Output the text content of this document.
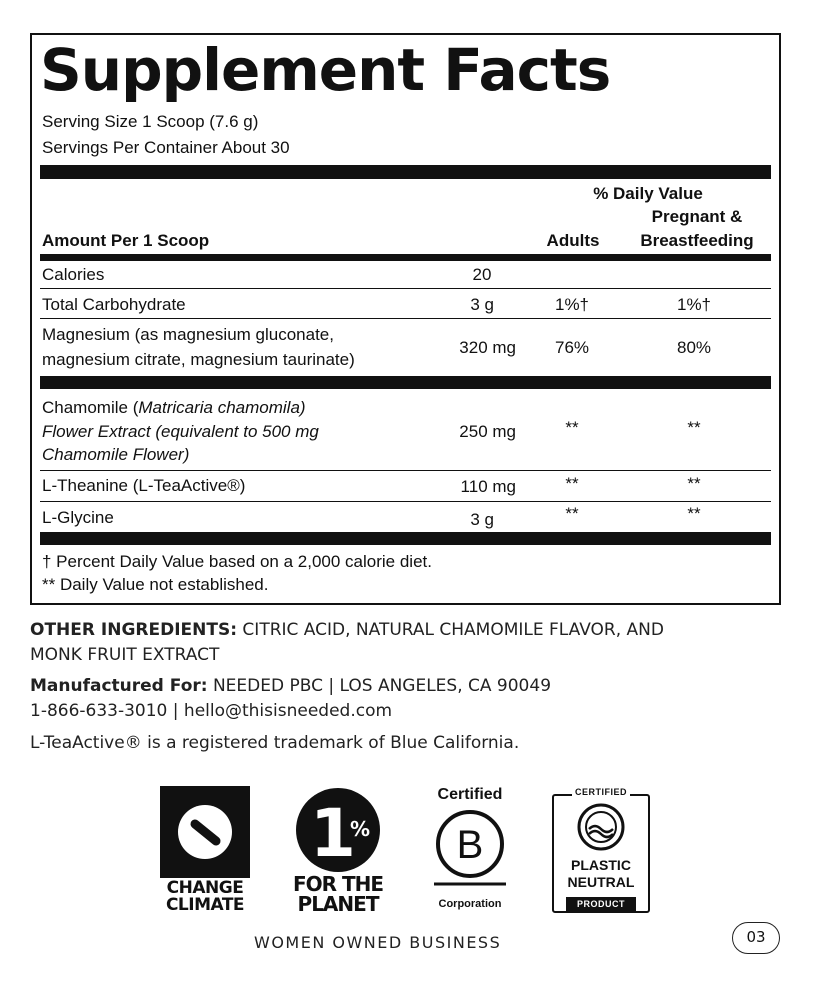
Supplement Facts
Serving Size 1 Scoop (7.6 g)
Servings Per Container About 30
% Daily Value
Pregnant &
Amount Per 1 Scoop	Adults	Breastfeeding
Calories	20
Total Carbohydrate	3 g	1%†	1%†
Magnesium (as magnesium gluconate,
magnesium citrate, magnesium taurinate)
320 mg	76%	80%
Chamomile (Matricaria chamomila)
Flower Extract (equivalent to 500 mg
Chamomile Flower)
250 mg	**	**
L-Theanine (L-TeaActive®)	110 mg	**	**
L-Glycine	3 g	**	**
† Percent Daily Value based on a 2,000 calorie diet.
** Daily Value not established.
OTHER INGREDIENTS: CITRIC ACID, NATURAL CHAMOMILE FLAVOR, AND
MONK FRUIT EXTRACT
Manufactured For: NEEDED PBC | LOS ANGELES, CA 90049
1-866-633-3010 | hello@thisisneeded.com
L-TeaActive® is a registered trademark of Blue California.
CHANGE
CLIMATE
1
%
FOR THE
PLANET
Certified
B
Corporation
CERTIFIED
PLASTIC
NEUTRAL
PRODUCT
WOMEN OWNED BUSINESS	03
